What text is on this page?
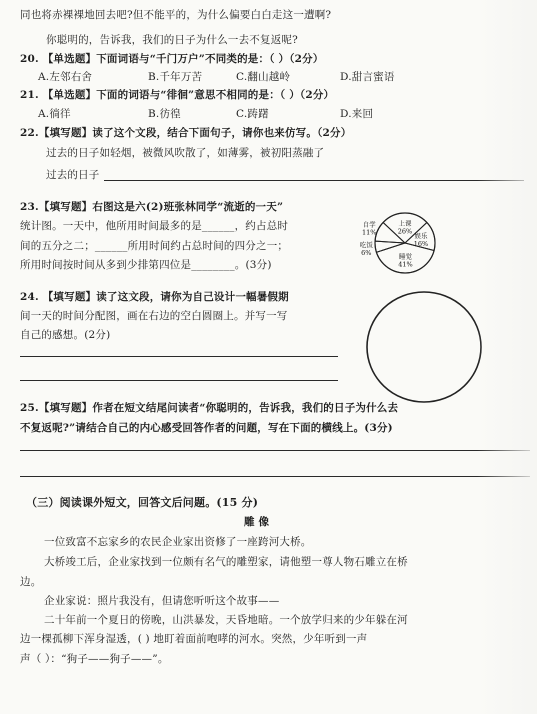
同也将赤裸裸地回去吧?但不能平的，为什么偏要白白走这一遭啊?
你聪明的，告诉我，我们的日子为什么一去不复返呢?
20. 【单选题】下面词语与“千门万户”不同类的是：（ ）（2分）
A.左邻右舍	B.千年万苦	C.翻山越岭	D.甜言蜜语
21. 【单选题】下面的词语与“徘徊”意思不相同的是：（ ）（2分）
A.徜徉	B.彷徨	C.踌躇	D.来回
22.【填写题】读了这个文段，结合下面句子，请你也来仿写。（2分）
过去的日子如轻烟，被微风吹散了，如薄雾，被初阳蒸融了
过去的日子
23.【填写题】右图这是六(2)班张林同学“流逝的一天”
统计图。一天中，他所用时间最多的是______，约占总时
间的五分之二；______所用时间约占总时间的四分之一；
所用时间按时间从多到少排第四位是________。(3分)
上课
26%
娱乐
16%
睡觉
41%
吃饭
6%
自学
11%
24. 【填写题】读了这文段，请你为自己设计一幅暑假期
间一天的时间分配图，画在右边的空白圆圈上。并写一写
自己的感想。(2分)
25.【填写题】作者在短文结尾问读者“你聪明的，告诉我，我们的日子为什么去
不复返呢?”请结合自己的内心感受回答作者的问题，写在下面的横线上。(3分)
（三）阅读课外短文，回答文后问题。(15 分)
雕 像
一位致富不忘家乡的农民企业家出资修了一座跨河大桥。
大桥竣工后，企业家找到一位颇有名气的雕塑家，请他塑一尊人物石雕立在桥
边。
企业家说：照片我没有，但请您听听这个故事——
二十年前一个夏日的傍晚，山洪暴发，天昏地暗。一个放学归来的少年躲在河
边一棵孤柳下浑身湿透，( ) 地盯着面前咆哮的河水。突然，少年听到一声
声（ ）：“狗子——狗子——”。
